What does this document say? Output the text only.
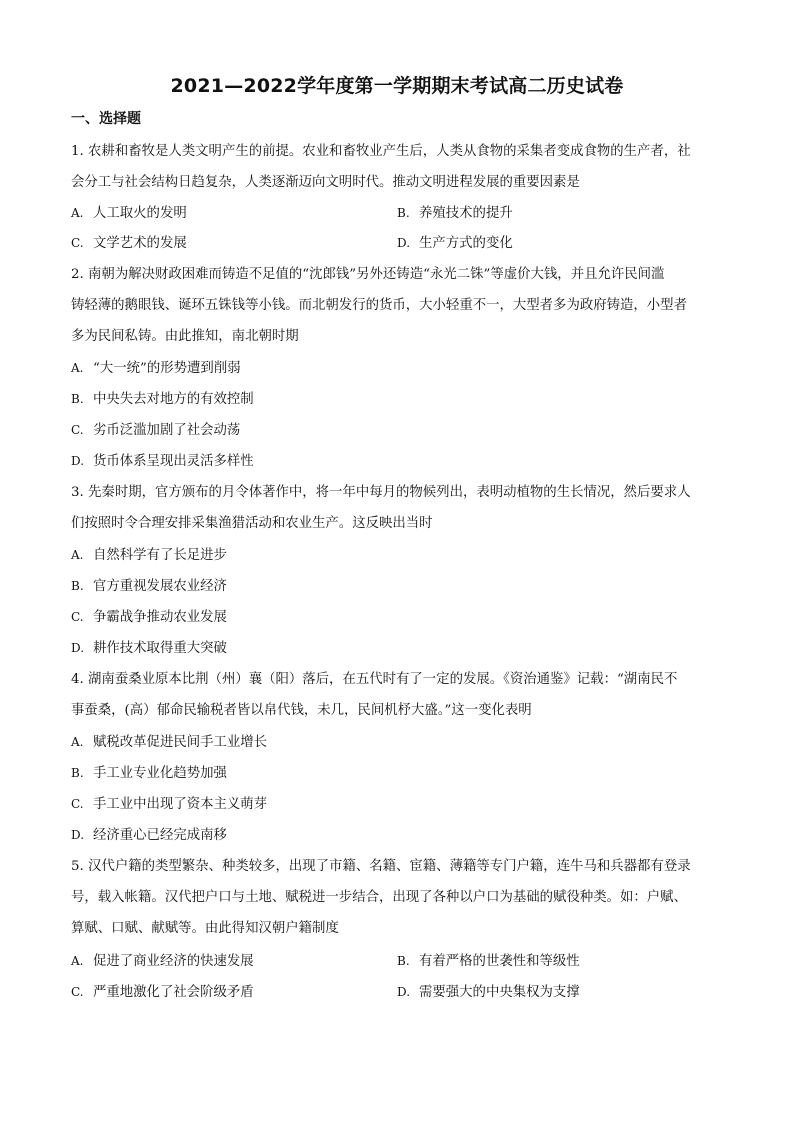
2021—2022学年度第一学期期末考试高二历史试卷
一、选择题
1. 农耕和畜牧是人类文明产生的前提。农业和畜牧业产生后，人类从食物的采集者变成食物的生产者，社
会分工与社会结构日趋复杂，人类逐渐迈向文明时代。推动文明进程发展的重要因素是
A. 人工取火的发明	B. 养殖技术的提升
C. 文学艺术的发展	D. 生产方式的变化
2. 南朝为解决财政困难而铸造不足值的“沈郎钱”另外还铸造“永光二铢”等虚价大钱，并且允许民间滥
铸轻薄的鹅眼钱、诞环五铢钱等小钱。而北朝发行的货币，大小轻重不一，大型者多为政府铸造，小型者
多为民间私铸。由此推知，南北朝时期
A. “大一统”的形势遭到削弱
B. 中央失去对地方的有效控制
C. 劣币泛滥加剧了社会动荡
D. 货币体系呈现出灵活多样性
3. 先秦时期，官方颁布的月令体著作中，将一年中每月的物候列出，表明动植物的生长情况，然后要求人
们按照时令合理安排采集渔猎活动和农业生产。这反映出当时
A. 自然科学有了长足进步
B. 官方重视发展农业经济
C. 争霸战争推动农业发展
D. 耕作技术取得重大突破
4. 湖南蚕桑业原本比荆（州）襄（阳）落后，在五代时有了一定的发展。《资治通鉴》记载：“湖南民不
事蚕桑，(高）郁命民输税者皆以帛代钱，未几，民间机杼大盛。”这一变化表明
A. 赋税改革促进民间手工业增长
B. 手工业专业化趋势加强
C. 手工业中出现了资本主义萌芽
D. 经济重心已经完成南移
5. 汉代户籍的类型繁杂、种类较多，出现了市籍、名籍、宦籍、薄籍等专门户籍，连牛马和兵器都有登录
号，载入帐籍。汉代把户口与土地、赋税进一步结合，出现了各种以户口为基础的赋役种类。如：户赋、
算赋、口赋、献赋等。由此得知汉朝户籍制度
A. 促进了商业经济的快速发展	B. 有着严格的世袭性和等级性
C. 严重地激化了社会阶级矛盾	D. 需要强大的中央集权为支撑
